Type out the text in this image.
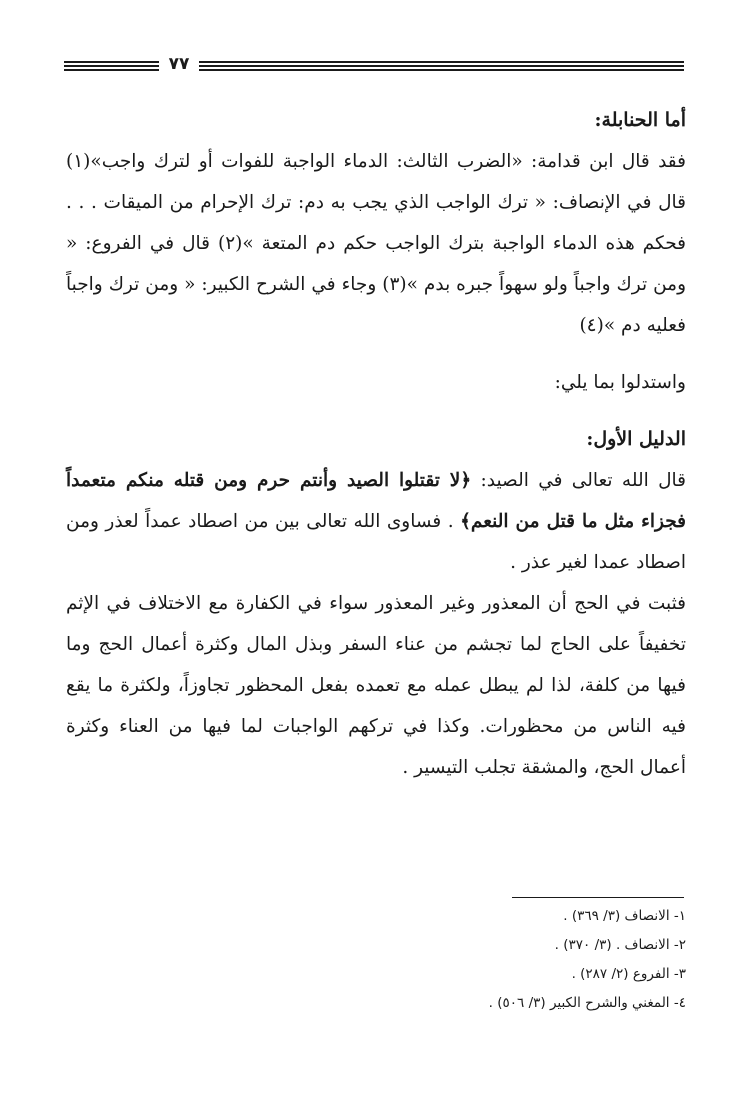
٧٧

أما الحنابلة:

فقد قال ابن قدامة: «الضرب الثالث: الدماء الواجبة للفوات أو لترك واجب»(١) قال في الإنصاف: « ترك الواجب الذي يجب به دم: ترك الإحرام من الميقات . . . فحكم هذه الدماء الواجبة بترك الواجب حكم دم المتعة »(٢) قال في الفروع: « ومن ترك واجباً ولو سهواً جبره بدم »(٣) وجاء في الشرح الكبير: « ومن ترك واجباً فعليه دم »(٤)

واستدلوا بما يلي:

الدليل الأول:

قال الله تعالى في الصيد: ﴿لا تقتلوا الصيد وأنتم حرم ومن قتله منكم متعمداً فجزاء مثل ما قتل من النعم﴾ . فساوى الله تعالى بين من اصطاد عمداً لعذر ومن اصطاد عمدا لغير عذر .

فثبت في الحج أن المعذور وغير المعذور سواء في الكفارة مع الاختلاف في الإثم تخفيفاً على الحاج لما تجشم من عناء السفر وبذل المال وكثرة أعمال الحج وما فيها من كلفة، لذا لم يبطل عمله مع تعمده بفعل المحظور تجاوزاً، ولكثرة ما يقع فيه الناس من محظورات. وكذا في تركهم الواجبات لما فيها من العناء وكثرة أعمال الحج، والمشقة تجلب التيسير .

١- الانصاف (٣/ ٣٦٩) .
٢- الانصاف . (٣/ ٣٧٠) .
٣- الفروع (٢/ ٢٨٧) .
٤- المغني والشرح الكبير (٣/ ٥٠٦) .
